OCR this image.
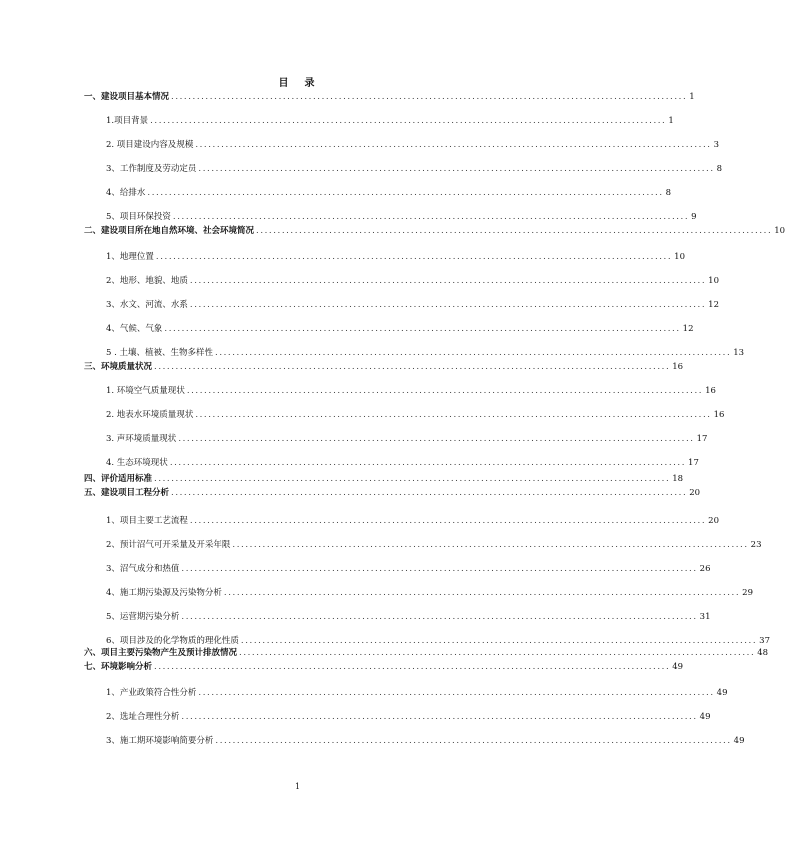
目 录
一、建设项目基本情况 ........................................................................................................................ 1
1.项目背景 ........................................................................................................................ 1
2. 项目建设内容及规模 ........................................................................................................................ 3
3、工作制度及劳动定员 ........................................................................................................................ 8
4、给排水 ........................................................................................................................ 8
5、项目环保投资 ........................................................................................................................ 9
二、建设项目所在地自然环境、社会环境简况 ........................................................................................................................ 10
1、地理位置 ........................................................................................................................ 10
2、地形、地貌、地质 ........................................................................................................................ 10
3、水文、河流、水系 ........................................................................................................................ 12
4、气候、气象 ........................................................................................................................ 12
5 . 土壤、植被、生物多样性 ........................................................................................................................ 13
三、环境质量状况 ........................................................................................................................ 16
1. 环境空气质量现状 ........................................................................................................................ 16
2. 地表水环境质量现状 ........................................................................................................................ 16
3. 声环境质量现状 ........................................................................................................................ 17
4. 生态环境现状 ........................................................................................................................ 17
四、评价适用标准 ........................................................................................................................ 18
五、建设项目工程分析 ........................................................................................................................ 20
1、项目主要工艺流程 ........................................................................................................................ 20
2、预计沼气可开采量及开采年限 ........................................................................................................................ 23
3、沼气成分和热值 ........................................................................................................................ 26
4、施工期污染源及污染物分析 ........................................................................................................................ 29
5、运营期污染分析 ........................................................................................................................ 31
6、项目涉及的化学物质的理化性质 ........................................................................................................................ 37
六、项目主要污染物产生及预计排放情况 ........................................................................................................................ 48
七、环境影响分析 ........................................................................................................................ 49
1、产业政策符合性分析 ........................................................................................................................ 49
2、选址合理性分析 ........................................................................................................................ 49
3、施工期环境影响简要分析 ........................................................................................................................ 49
1
